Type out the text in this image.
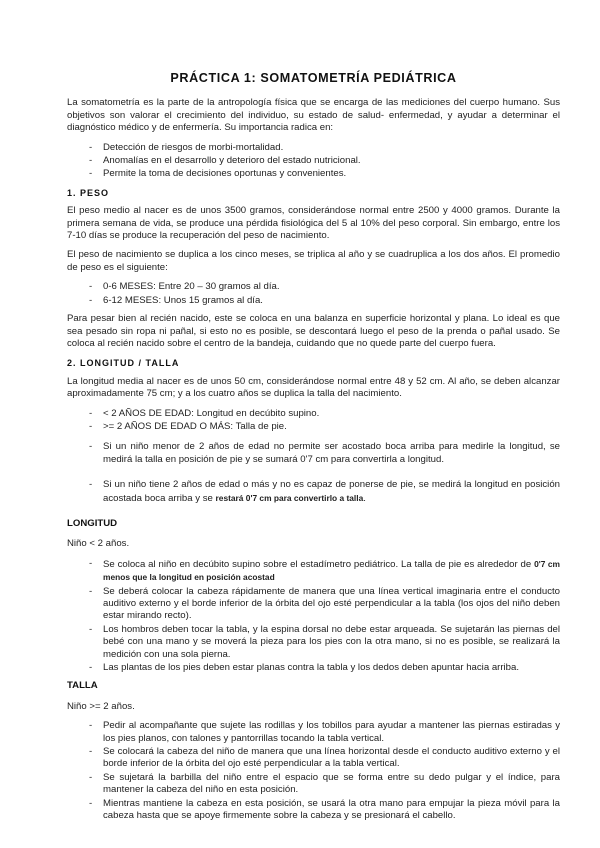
PRÁCTICA 1: SOMATOMETRÍA PEDIÁTRICA

La somatometría es la parte de la antropología física que se encarga de las mediciones del cuerpo humano. Sus objetivos son valorar el crecimiento del individuo, su estado de salud- enfermedad, y ayudar a determinar el diagnóstico médico y de enfermería. Su importancia radica en:

- Detección de riesgos de morbi-mortalidad.
- Anomalías en el desarrollo y deterioro del estado nutricional.
- Permite la toma de decisiones oportunas y convenientes.
1. PESO

El peso medio al nacer es de unos 3500 gramos, considerándose normal entre 2500 y 4000 gramos. Durante la primera semana de vida, se produce una pérdida fisiológica del 5 al 10% del peso corporal. Sin embargo, entre los 7-10 días se produce la recuperación del peso de nacimiento.

El peso de nacimiento se duplica a los cinco meses, se triplica al año y se cuadruplica a los dos años. El promedio de peso es el siguiente:

- 0-6 MESES: Entre 20 – 30 gramos al día.
- 6-12 MESES: Unos 15 gramos al día.

Para pesar bien al recién nacido, este se coloca en una balanza en superficie horizontal y plana. Lo ideal es que sea pesado sin ropa ni pañal, si esto no es posible, se descontará luego el peso de la prenda o pañal usado. Se coloca al recién nacido sobre el centro de la bandeja, cuidando que no quede parte del cuerpo fuera.

2. LONGITUD / TALLA

La longitud media al nacer es de unos 50 cm, considerándose normal entre 48 y 52 cm. Al año, se deben alcanzar aproximadamente 75 cm; y a los cuatro años se duplica la talla del nacimiento.

- < 2 AÑOS DE EDAD: Longitud en decúbito supino.
- >= 2 AÑOS DE EDAD O MÁS: Talla de pie.
- Si un niño menor de 2 años de edad no permite ser acostado boca arriba para medirle la longitud, se medirá la talla en posición de pie y se sumará 0'7 cm para convertirla a longitud.
- Si un niño tiene 2 años de edad o más y no es capaz de ponerse de pie, se medirá la longitud en posición acostada boca arriba y se restará 0'7 cm para convertirlo a talla.
LONGITUD

Niño < 2 años.

- Se coloca al niño en decúbito supino sobre el estadímetro pediátrico. La talla de pie es alrededor de 0'7 cm menos que la longitud en posición acostad
- Se deberá colocar la cabeza rápidamente de manera que una línea vertical imaginaria entre el conducto auditivo externo y el borde inferior de la órbita del ojo esté perpendicular a la tabla (los ojos del niño deben estar mirando recto).
- Los hombros deben tocar la tabla, y la espina dorsal no debe estar arqueada. Se sujetarán las piernas del bebé con una mano y se moverá la pieza para los pies con la otra mano, si no es posible, se realizará la medición con una sola pierna.
- Las plantas de los pies deben estar planas contra la tabla y los dedos deben apuntar hacia arriba.
TALLA

Niño >= 2 años.

- Pedir al acompañante que sujete las rodillas y los tobillos para ayudar a mantener las piernas estiradas y los pies planos, con talones y pantorrillas tocando la tabla vertical.
- Se colocará la cabeza del niño de manera que una línea horizontal desde el conducto auditivo externo y el borde inferior de la órbita del ojo esté perpendicular a la tabla vertical.
- Se sujetará la barbilla del niño entre el espacio que se forma entre su dedo pulgar y el índice, para mantener la cabeza del niño en esta posición.
- Mientras mantiene la cabeza en esta posición, se usará la otra mano para empujar la pieza móvil para la cabeza hasta que se apoye firmemente sobre la cabeza y se presionará el cabello.
